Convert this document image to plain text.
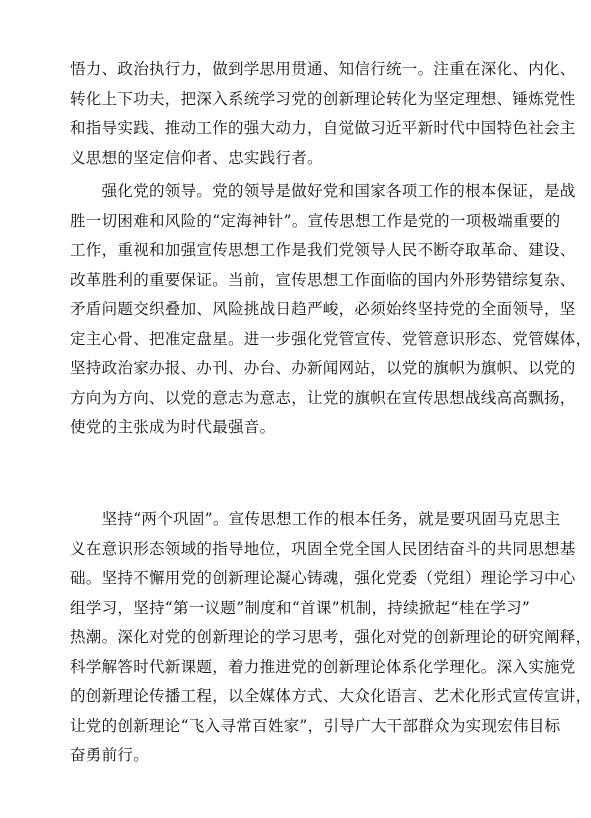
悟力、政治执行力，做到学思用贯通、知信行统一。注重在深化、内化、
转化上下功夫，把深入系统学习党的创新理论转化为坚定理想、锤炼党性
和指导实践、推动工作的强大动力，自觉做习近平新时代中国特色社会主
义思想的坚定信仰者、忠实践行者。

　　强化党的领导。党的领导是做好党和国家各项工作的根本保证，是战
胜一切困难和风险的“定海神针”。宣传思想工作是党的一项极端重要的
工作，重视和加强宣传思想工作是我们党领导人民不断夺取革命、建设、
改革胜利的重要保证。当前，宣传思想工作面临的国内外形势错综复杂、
矛盾问题交织叠加、风险挑战日趋严峻，必须始终坚持党的全面领导，坚
定主心骨、把准定盘星。进一步强化党管宣传、党管意识形态、党管媒体，
坚持政治家办报、办刊、办台、办新闻网站，以党的旗帜为旗帜、以党的
方向为方向、以党的意志为意志，让党的旗帜在宣传思想战线高高飘扬，
使党的主张成为时代最强音。

　　坚持“两个巩固”。宣传思想工作的根本任务，就是要巩固马克思主
义在意识形态领域的指导地位，巩固全党全国人民团结奋斗的共同思想基
础。坚持不懈用党的创新理论凝心铸魂，强化党委（党组）理论学习中心
组学习，坚持“第一议题”制度和“首课”机制，持续掀起“桂在学习”
热潮。深化对党的创新理论的学习思考，强化对党的创新理论的研究阐释，
科学解答时代新课题，着力推进党的创新理论体系化学理化。深入实施党
的创新理论传播工程，以全媒体方式、大众化语言、艺术化形式宣传宣讲，
让党的创新理论“飞入寻常百姓家”，引导广大干部群众为实现宏伟目标
奋勇前行。
